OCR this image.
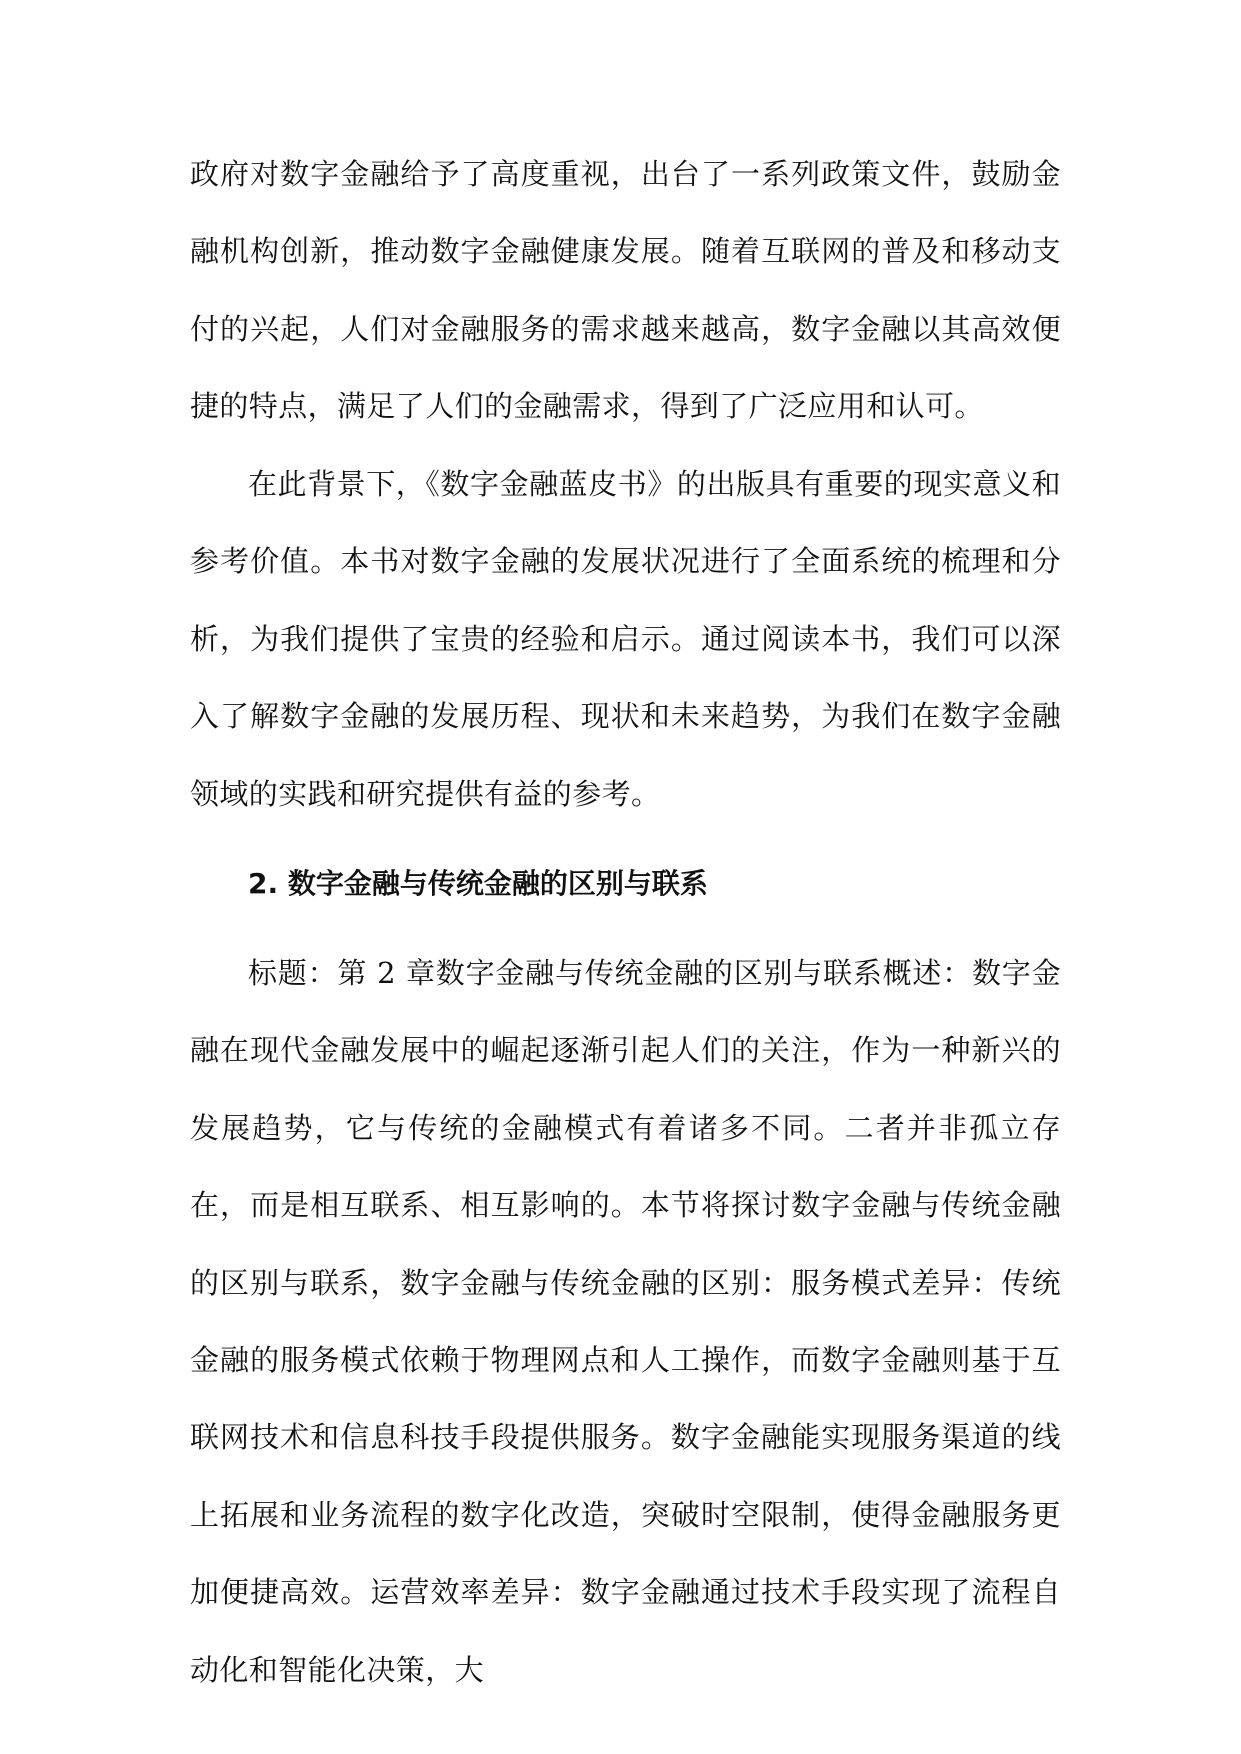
政府对数字金融给予了高度重视，出台了一系列政策文件，鼓励金融机构创新，推动数字金融健康发展。随着互联网的普及和移动支付的兴起，人们对金融服务的需求越来越高，数字金融以其高效便捷的特点，满足了人们的金融需求，得到了广泛应用和认可。

在此背景下，《数字金融蓝皮书》的出版具有重要的现实意义和参考价值。本书对数字金融的发展状况进行了全面系统的梳理和分析，为我们提供了宝贵的经验和启示。通过阅读本书，我们可以深入了解数字金融的发展历程、现状和未来趋势，为我们在数字金融领域的实践和研究提供有益的参考。

2. 数字金融与传统金融的区别与联系

标题：第 2 章数字金融与传统金融的区别与联系概述：数字金融在现代金融发展中的崛起逐渐引起人们的关注，作为一种新兴的发展趋势，它与传统的金融模式有着诸多不同。二者并非孤立存在，而是相互联系、相互影响的。本节将探讨数字金融与传统金融的区别与联系，数字金融与传统金融的区别：服务模式差异：传统金融的服务模式依赖于物理网点和人工操作，而数字金融则基于互联网技术和信息科技手段提供服务。数字金融能实现服务渠道的线上拓展和业务流程的数字化改造，突破时空限制，使得金融服务更加便捷高效。运营效率差异：数字金融通过技术手段实现了流程自动化和智能化决策，大
